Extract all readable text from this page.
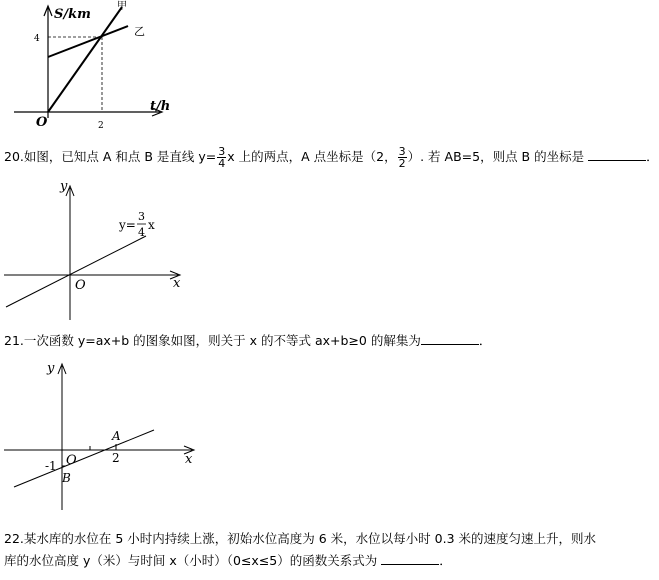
S/km
t/h
O
4
2
甲
乙
20.如图，已知点 A 和点 B 是直线 $y= \frac{3}{4}$ x 上的两点，A 点坐标是（2， $\frac{3}{2}$ ）. 若 AB=5，则点 B 的坐标是	．
y
x
O
y=
3
4
x
21.一次函数 y=ax+b 的图象如图，则关于 x 的不等式 ax+b≥0 的解集为	．
y
x
O
A
B
2
-1
22.某水库的水位在 5 小时内持续上涨，初始水位高度为 6 米，水位以每小时 0.3 米的速度匀速上升，则水
库的水位高度 y（米）与时间 x（小时）（0≤x≤5）的函数关系式为	．
